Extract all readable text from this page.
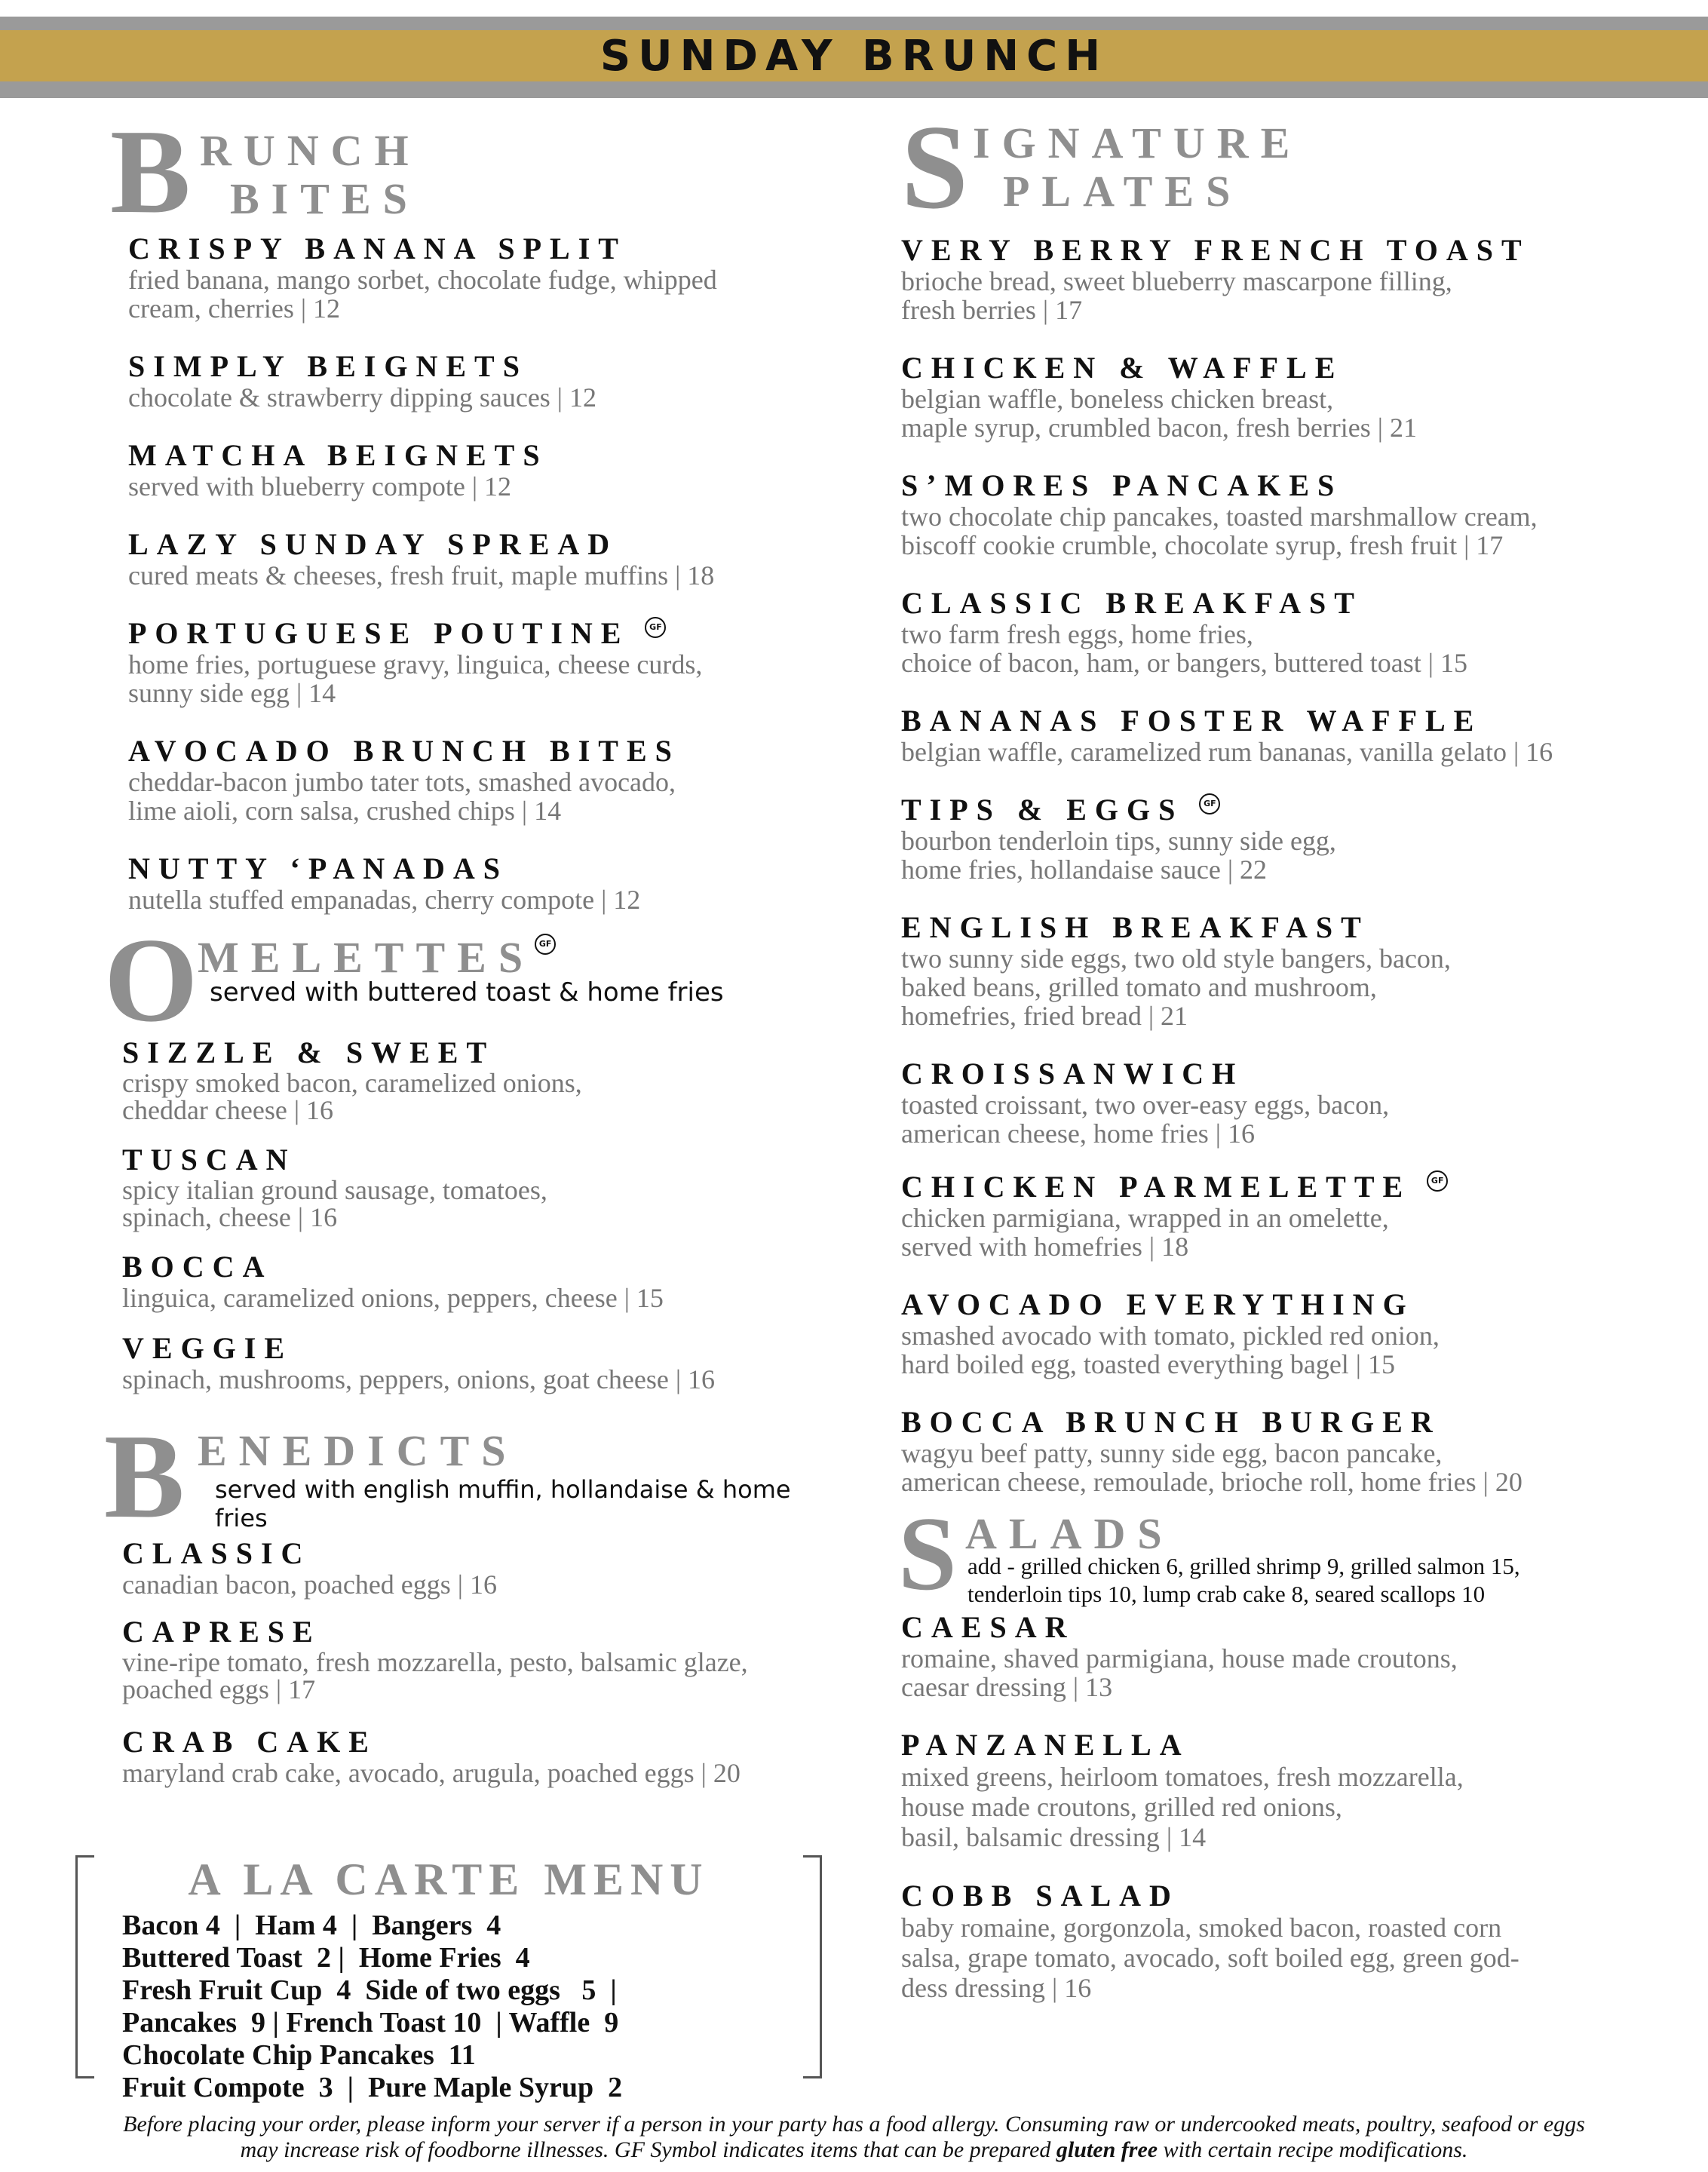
SUNDAY BRUNCH
B RUNCH
BITES
CRISPY BANANA SPLIT
fried banana, mango sorbet, chocolate fudge, whipped
cream, cherries | 12
SIMPLY BEIGNETS
chocolate & strawberry dipping sauces | 12
MATCHA BEIGNETS
served with blueberry compote | 12
LAZY SUNDAY SPREAD
cured meats & cheeses, fresh fruit, maple muffins | 18
PORTUGUESE POUTINE GF
home fries, portuguese gravy, linguica, cheese curds,
sunny side egg | 14
AVOCADO BRUNCH BITES
cheddar-bacon jumbo tater tots, smashed avocado,
lime aioli, corn salsa, crushed chips | 14
NUTTY ‘PANADAS
nutella stuffed empanadas, cherry compote | 12
O MELETTES GF
served with buttered toast & home fries
SIZZLE & SWEET
crispy smoked bacon, caramelized onions,
cheddar cheese | 16
TUSCAN
spicy italian ground sausage, tomatoes,
spinach, cheese | 16
BOCCA
linguica, caramelized onions, peppers, cheese | 15
VEGGIE
spinach, mushrooms, peppers, onions, goat cheese | 16
B ENEDICTS
served with english muffin, hollandaise & home fries
CLASSIC
canadian bacon, poached eggs | 16
CAPRESE
vine-ripe tomato, fresh mozzarella, pesto, balsamic glaze,
poached eggs | 17
CRAB CAKE
maryland crab cake, avocado, arugula, poached eggs | 20
A LA CARTE MENU
Bacon 4  |  Ham 4  |  Bangers  4
Buttered Toast  2 |  Home Fries  4
Fresh Fruit Cup  4  Side of two eggs   5  |
Pancakes  9 | French Toast 10  | Waffle  9
Chocolate Chip Pancakes  11
Fruit Compote  3  |  Pure Maple Syrup  2
S IGNATURE
PLATES
VERY BERRY FRENCH TOAST
brioche bread, sweet blueberry mascarpone filling,
fresh berries | 17
CHICKEN & WAFFLE
belgian waffle, boneless chicken breast,
maple syrup, crumbled bacon, fresh berries | 21
S’MORES PANCAKES
two chocolate chip pancakes, toasted marshmallow cream,
biscoff cookie crumble, chocolate syrup, fresh fruit | 17
CLASSIC BREAKFAST
two farm fresh eggs, home fries,
choice of bacon, ham, or bangers, buttered toast | 15
BANANAS FOSTER WAFFLE
belgian waffle, caramelized rum bananas, vanilla gelato | 16
TIPS & EGGS GF
bourbon tenderloin tips, sunny side egg,
home fries, hollandaise sauce | 22
ENGLISH BREAKFAST
two sunny side eggs, two old style bangers, bacon,
baked beans, grilled tomato and mushroom,
homefries, fried bread | 21
CROISSANWICH
toasted croissant, two over-easy eggs, bacon,
american cheese, home fries | 16
CHICKEN PARMELETTE GF
chicken parmigiana, wrapped in an omelette,
served with homefries | 18
AVOCADO EVERYTHING
smashed avocado with tomato, pickled red onion,
hard boiled egg, toasted everything bagel | 15
BOCCA BRUNCH BURGER
wagyu beef patty, sunny side egg, bacon pancake,
american cheese, remoulade, brioche roll, home fries | 20
S ALADS
add - grilled chicken 6, grilled shrimp 9, grilled salmon 15,
tenderloin tips 10, lump crab cake 8, seared scallops 10
CAESAR
romaine, shaved parmigiana, house made croutons,
caesar dressing | 13
PANZANELLA
mixed greens, heirloom tomatoes, fresh mozzarella,
house made croutons, grilled red onions,
basil, balsamic dressing | 14
COBB SALAD
baby romaine, gorgonzola, smoked bacon, roasted corn
salsa, grape tomato, avocado, soft boiled egg, green god-
dess dressing | 16
Before placing your order, please inform your server if a person in your party has a food allergy. Consuming raw or undercooked meats, poultry, seafood or eggs
may increase risk of foodborne illnesses. GF Symbol indicates items that can be prepared gluten free with certain recipe modifications.
